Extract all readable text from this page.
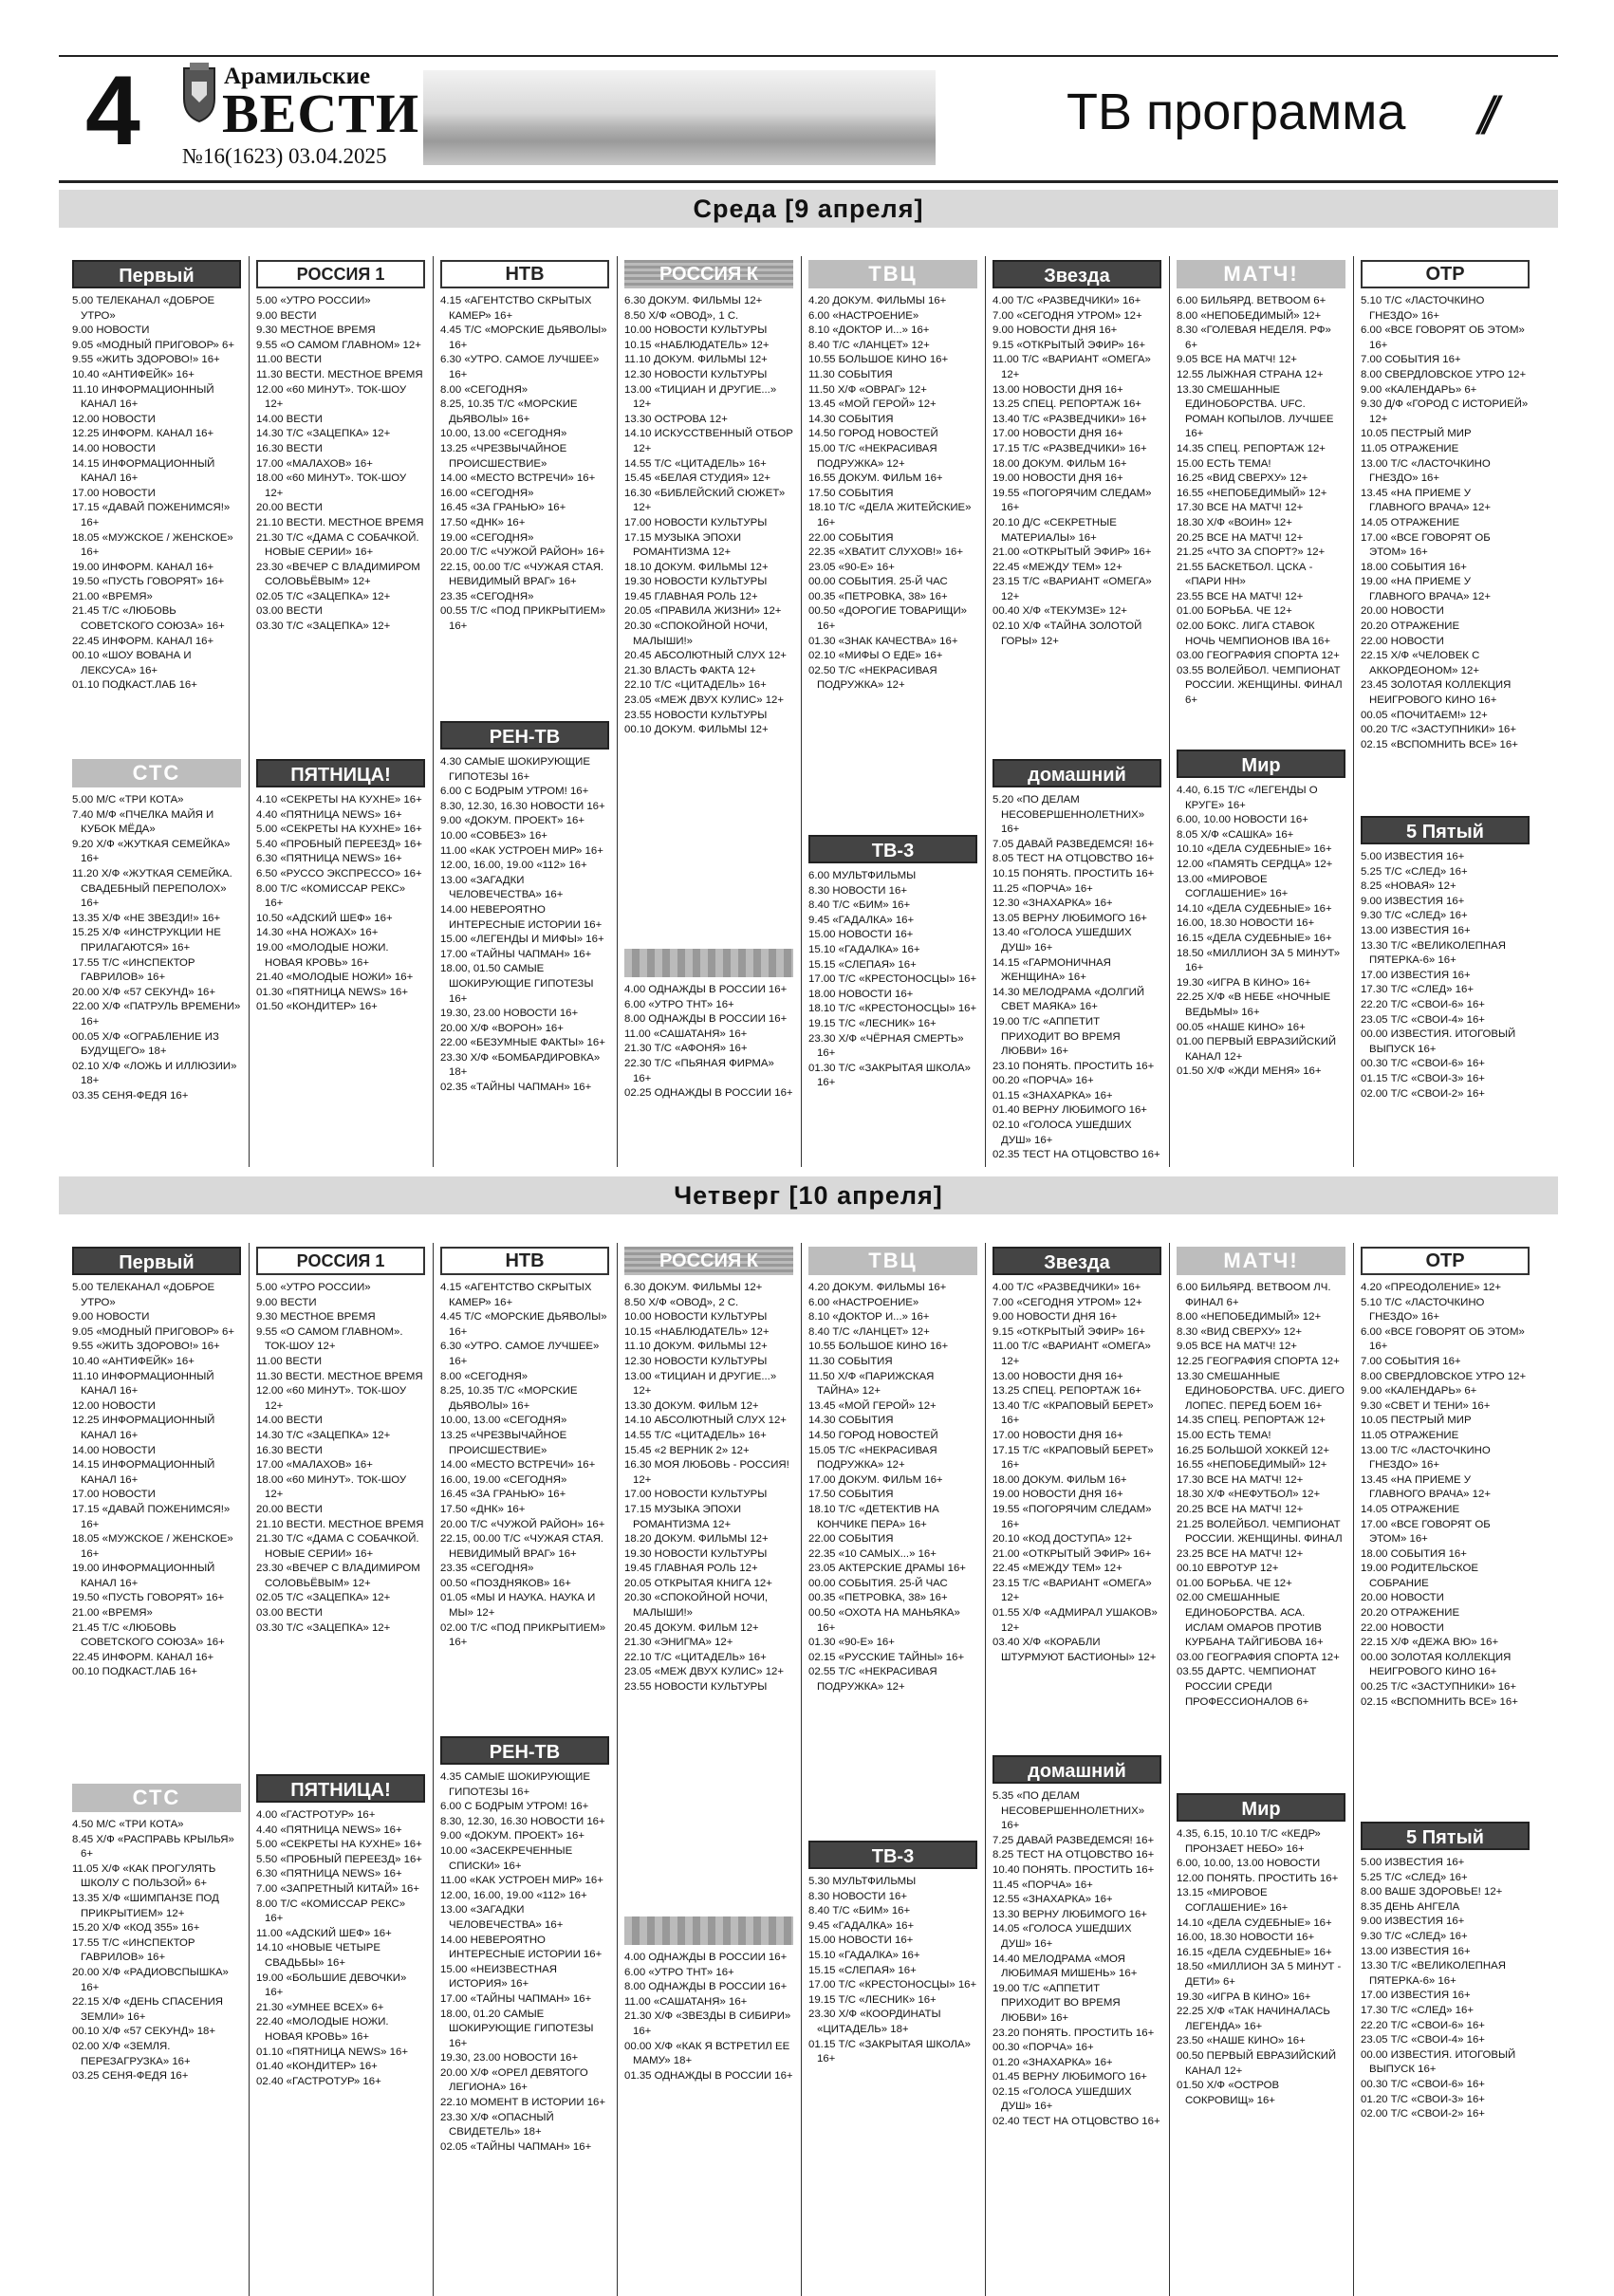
4	Арамильские
ВЕСТИ
№16(1623) 03.04.2025
ТВ программа //
Среда [9 апреля]
Первый

5.00 ТЕЛЕКАНАЛ «ДОБРОЕ УТРО»

9.00 НОВОСТИ

9.05 «МОДНЫЙ ПРИГОВОР» 6+

9.55 «ЖИТЬ ЗДОРОВО!» 16+

10.40 «АНТИФЕЙК» 16+

11.10 ИНФОРМАЦИОННЫЙ КАНАЛ 16+

12.00 НОВОСТИ

12.25 ИНФОРМ. КАНАЛ 16+

14.00 НОВОСТИ

14.15 ИНФОРМАЦИОННЫЙ КАНАЛ 16+

17.00 НОВОСТИ

17.15 «ДАВАЙ ПОЖЕНИМСЯ!» 16+

18.05 «МУЖСКОЕ / ЖЕНСКОЕ» 16+

19.00 ИНФОРМ. КАНАЛ 16+

19.50 «ПУСТЬ ГОВОРЯТ» 16+

21.00 «ВРЕМЯ»

21.45 Т/С «ЛЮБОВЬ СОВЕТСКОГО СОЮЗА» 16+

22.45 ИНФОРМ. КАНАЛ 16+

00.10 «ШОУ ВОВАНА И ЛЕКСУСА» 16+

01.10 ПОДКАСТ.ЛАБ 16+

СТС

5.00 М/С «ТРИ КОТА»

7.40 М/Ф «ПЧЕЛКА МАЙЯ И КУБОК МЁДА»

9.20 Х/Ф «ЖУТКАЯ СЕМЕЙКА» 16+

11.20 Х/Ф «ЖУТКАЯ СЕМЕЙКА. СВАДЕБНЫЙ ПЕРЕПОЛОХ» 16+

13.35 Х/Ф «НЕ ЗВЕЗДИ!» 16+

15.25 Х/Ф «ИНСТРУКЦИИ НЕ ПРИЛАГАЮТСЯ» 16+

17.55 Т/С «ИНСПЕКТОР ГАВРИЛОВ» 16+

20.00 Х/Ф «57 СЕКУНД» 16+

22.00 Х/Ф «ПАТРУЛЬ ВРЕМЕНИ» 16+

00.05 Х/Ф «ОГРАБЛЕНИЕ ИЗ БУДУЩЕГО» 18+

02.10 Х/Ф «ЛОЖЬ И ИЛЛЮЗИИ» 18+

03.35 СЕНЯ-ФЕДЯ 16+

РОССИЯ 1

5.00 «УТРО РОССИИ»

9.00 ВЕСТИ

9.30 МЕСТНОЕ ВРЕМЯ

9.55 «О САМОМ ГЛАВНОМ» 12+

11.00 ВЕСТИ

11.30 ВЕСТИ. МЕСТНОЕ ВРЕМЯ

12.00 «60 МИНУТ». ТОК-ШОУ 12+

14.00 ВЕСТИ

14.30 Т/С «ЗАЦЕПКА» 12+

16.30 ВЕСТИ

17.00 «МАЛАХОВ» 16+

18.00 «60 МИНУТ». ТОК-ШОУ 12+

20.00 ВЕСТИ

21.10 ВЕСТИ. МЕСТНОЕ ВРЕМЯ

21.30 Т/С «ДАМА С СОБАЧКОЙ. НОВЫЕ СЕРИИ» 16+

23.30 «ВЕЧЕР С ВЛАДИМИРОМ СОЛОВЬЁВЫМ» 12+

02.05 Т/С «ЗАЦЕПКА» 12+

03.00 ВЕСТИ

03.30 Т/С «ЗАЦЕПКА» 12+

ПЯТНИЦА!

4.10 «СЕКРЕТЫ НА КУХНЕ» 16+

4.40 «ПЯТНИЦА NEWS» 16+

5.00 «СЕКРЕТЫ НА КУХНЕ» 16+

5.40 «ПРОБНЫЙ ПЕРЕЕЗД» 16+

6.30 «ПЯТНИЦА NEWS» 16+

6.50 «РУССО ЭКСПРЕССО» 16+

8.00 Т/С «КОМИССАР РЕКС» 16+

10.50 «АДСКИЙ ШЕФ» 16+

14.30 «НА НОЖАХ» 16+

19.00 «МОЛОДЫЕ НОЖИ. НОВАЯ КРОВЬ» 16+

21.40 «МОЛОДЫЕ НОЖИ» 16+

01.30 «ПЯТНИЦА NEWS» 16+

01.50 «КОНДИТЕР» 16+

НТВ

4.15 «АГЕНТСТВО СКРЫТЫХ КАМЕР» 16+

4.45 Т/С «МОРСКИЕ ДЬЯВОЛЫ» 16+

6.30 «УТРО. САМОЕ ЛУЧШЕЕ» 16+

8.00 «СЕГОДНЯ»

8.25, 10.35 Т/С «МОРСКИЕ ДЬЯВОЛЫ» 16+

10.00, 13.00 «СЕГОДНЯ»

13.25 «ЧРЕЗВЫЧАЙНОЕ ПРОИСШЕСТВИЕ»

14.00 «МЕСТО ВСТРЕЧИ» 16+

16.00 «СЕГОДНЯ»

16.45 «ЗА ГРАНЬЮ» 16+

17.50 «ДНК» 16+

19.00 «СЕГОДНЯ»

20.00 Т/С «ЧУЖОЙ РАЙОН» 16+

22.15, 00.00 Т/С «ЧУЖАЯ СТАЯ. НЕВИДИМЫЙ ВРАГ» 16+

23.35 «СЕГОДНЯ»

00.55 Т/С «ПОД ПРИКРЫТИЕМ» 16+

РЕН-ТВ

4.30 САМЫЕ ШОКИРУЮЩИЕ ГИПОТЕЗЫ 16+

6.00 С БОДРЫМ УТРОМ! 16+

8.30, 12.30, 16.30 НОВОСТИ 16+

9.00 «ДОКУМ. ПРОЕКТ» 16+

10.00 «СОВБЕЗ» 16+

11.00 «КАК УСТРОЕН МИР» 16+

12.00, 16.00, 19.00 «112» 16+

13.00 «ЗАГАДКИ ЧЕЛОВЕЧЕСТВА» 16+

14.00 НЕВЕРОЯТНО ИНТЕРЕСНЫЕ ИСТОРИИ 16+

15.00 «ЛЕГЕНДЫ И МИФЫ» 16+

17.00 «ТАЙНЫ ЧАПМАН» 16+

18.00, 01.50 САМЫЕ ШОКИРУЮЩИЕ ГИПОТЕЗЫ 16+

19.30, 23.00 НОВОСТИ 16+

20.00 Х/Ф «ВОРОН» 16+

22.00 «БЕЗУМНЫЕ ФАКТЫ» 16+

23.30 Х/Ф «БОМБАРДИРОВКА» 18+

02.35 «ТАЙНЫ ЧАПМАН» 16+

РОССИЯ К

6.30 ДОКУМ. ФИЛЬМЫ 12+

8.50 Х/Ф «ОВОД», 1 С.

10.00 НОВОСТИ КУЛЬТУРЫ

10.15 «НАБЛЮДАТЕЛЬ» 12+

11.10 ДОКУМ. ФИЛЬМЫ 12+

12.30 НОВОСТИ КУЛЬТУРЫ

13.00 «ТИЦИАН И ДРУГИЕ...» 12+

13.30 ОСТРОВА 12+

14.10 ИСКУССТВЕННЫЙ ОТБОР 12+

14.55 Т/С «ЦИТАДЕЛЬ» 16+

15.45 «БЕЛАЯ СТУДИЯ» 12+

16.30 «БИБЛЕЙСКИЙ СЮЖЕТ» 12+

17.00 НОВОСТИ КУЛЬТУРЫ

17.15 МУЗЫКА ЭПОХИ РОМАНТИЗМА 12+

18.10 ДОКУМ. ФИЛЬМЫ 12+

19.30 НОВОСТИ КУЛЬТУРЫ

19.45 ГЛАВНАЯ РОЛЬ 12+

20.05 «ПРАВИЛА ЖИЗНИ» 12+

20.30 «СПОКОЙНОЙ НОЧИ, МАЛЫШИ!»

20.45 АБСОЛЮТНЫЙ СЛУХ 12+

21.30 ВЛАСТЬ ФАКТА 12+

22.10 Т/С «ЦИТАДЕЛЬ» 16+

23.05 «МЕЖ ДВУХ КУЛИС» 12+

23.55 НОВОСТИ КУЛЬТУРЫ

00.10 ДОКУМ. ФИЛЬМЫ 12+

4.00 ОДНАЖДЫ В РОССИИ 16+

6.00 «УТРО ТНТ» 16+

8.00 ОДНАЖДЫ В РОССИИ 16+

11.00 «САШАТАНЯ» 16+

21.30 Т/С «АФОНЯ» 16+

22.30 Т/С «ПЬЯНАЯ ФИРМА» 16+

02.25 ОДНАЖДЫ В РОССИИ 16+

ТВЦ

4.20 ДОКУМ. ФИЛЬМЫ 16+

6.00 «НАСТРОЕНИЕ»

8.10 «ДОКТОР И...» 16+

8.40 Т/С «ЛАНЦЕТ» 12+

10.55 БОЛЬШОЕ КИНО 16+

11.30 СОБЫТИЯ

11.50 Х/Ф «ОВРАГ» 12+

13.45 «МОЙ ГЕРОЙ» 12+

14.30 СОБЫТИЯ

14.50 ГОРОД НОВОСТЕЙ

15.00 Т/С «НЕКРАСИВАЯ ПОДРУЖКА» 12+

16.55 ДОКУМ. ФИЛЬМ 16+

17.50 СОБЫТИЯ

18.10 Т/С «ДЕЛА ЖИТЕЙСКИЕ» 16+

22.00 СОБЫТИЯ

22.35 «ХВАТИТ СЛУХОВ!» 16+

23.05 «90-Е» 16+

00.00 СОБЫТИЯ. 25-Й ЧАС

00.35 «ПЕТРОВКА, 38» 16+

00.50 «ДОРОГИЕ ТОВАРИЩИ» 16+

01.30 «ЗНАК КАЧЕСТВА» 16+

02.10 «МИФЫ О ЕДЕ» 16+

02.50 Т/С «НЕКРАСИВАЯ ПОДРУЖКА» 12+

ТВ-3

6.00 МУЛЬТФИЛЬМЫ

8.30 НОВОСТИ 16+

8.40 Т/С «БИМ» 16+

9.45 «ГАДАЛКА» 16+

15.00 НОВОСТИ 16+

15.10 «ГАДАЛКА» 16+

15.15 «СЛЕПАЯ» 16+

17.00 Т/С «КРЕСТОНОСЦЫ» 16+

18.00 НОВОСТИ 16+

18.10 Т/С «КРЕСТОНОСЦЫ» 16+

19.15 Т/С «ЛЕСНИК» 16+

23.30 Х/Ф «ЧЁРНАЯ СМЕРТЬ» 16+

01.30 Т/С «ЗАКРЫТАЯ ШКОЛА» 16+

Звезда

4.00 Т/С «РАЗВЕДЧИКИ» 16+

7.00 «СЕГОДНЯ УТРОМ» 12+

9.00 НОВОСТИ ДНЯ 16+

9.15 «ОТКРЫТЫЙ ЭФИР» 16+

11.00 Т/С «ВАРИАНТ «ОМЕГА» 12+

13.00 НОВОСТИ ДНЯ 16+

13.25 СПЕЦ. РЕПОРТАЖ 16+

13.40 Т/С «РАЗВЕДЧИКИ» 16+

17.00 НОВОСТИ ДНЯ 16+

17.15 Т/С «РАЗВЕДЧИКИ» 16+

18.00 ДОКУМ. ФИЛЬМ 16+

19.00 НОВОСТИ ДНЯ 16+

19.55 «ПОГОРЯЧИМ СЛЕДАМ» 16+

20.10 Д/С «СЕКРЕТНЫЕ МАТЕРИАЛЫ» 16+

21.00 «ОТКРЫТЫЙ ЭФИР» 16+

22.45 «МЕЖДУ ТЕМ» 12+

23.15 Т/С «ВАРИАНТ «ОМЕГА» 12+

00.40 Х/Ф «ТЕКУМЗЕ» 12+

02.10 Х/Ф «ТАЙНА ЗОЛОТОЙ ГОРЫ» 12+

домашний

5.20 «ПО ДЕЛАМ НЕСОВЕРШЕННОЛЕТНИХ» 16+

7.05 ДАВАЙ РАЗВЕДЕМСЯ! 16+

8.05 ТЕСТ НА ОТЦОВСТВО 16+

10.15 ПОНЯТЬ. ПРОСТИТЬ 16+

11.25 «ПОРЧА» 16+

12.30 «ЗНАХАРКА» 16+

13.05 ВЕРНУ ЛЮБИМОГО 16+

13.40 «ГОЛОСА УШЕДШИХ ДУШ» 16+

14.15 «ГАРМОНИЧНАЯ ЖЕНЩИНА» 16+

14.30 МЕЛОДРАМА «ДОЛГИЙ СВЕТ МАЯКА» 16+

19.00 Т/С «АППЕТИТ ПРИХОДИТ ВО ВРЕМЯ ЛЮБВИ» 16+

23.10 ПОНЯТЬ. ПРОСТИТЬ 16+

00.20 «ПОРЧА» 16+

01.15 «ЗНАХАРКА» 16+

01.40 ВЕРНУ ЛЮБИМОГО 16+

02.10 «ГОЛОСА УШЕДШИХ ДУШ» 16+

02.35 ТЕСТ НА ОТЦОВСТВО 16+

МАТЧ!

6.00 БИЛЬЯРД. ВЕТВООМ 6+

8.00 «НЕПОБЕДИМЫЙ» 12+

8.30 «ГОЛЕВАЯ НЕДЕЛЯ. РФ» 6+

9.05 ВСЕ НА МАТЧ! 12+

12.55 ЛЫЖНАЯ СТРАНА 12+

13.30 СМЕШАННЫЕ ЕДИНОБОРСТВА. UFC. РОМАН КОПЫЛОВ. ЛУЧШЕЕ 16+

14.35 СПЕЦ. РЕПОРТАЖ 12+

15.00 ЕСТЬ ТЕМА!

16.25 «ВИД СВЕРХУ» 12+

16.55 «НЕПОБЕДИМЫЙ» 12+

17.30 ВСЕ НА МАТЧ! 12+

18.30 Х/Ф «ВОИН» 12+

20.25 ВСЕ НА МАТЧ! 12+

21.25 «ЧТО ЗА СПОРТ?» 12+

21.55 БАСКЕТБОЛ. ЦСКА - «ПАРИ НН»

23.55 ВСЕ НА МАТЧ! 12+

01.00 БОРЬБА. ЧЕ 12+

02.00 БОКС. ЛИГА СТАВОК НОЧЬ ЧЕМПИОНОВ IBA 16+

03.00 ГЕОГРАФИЯ СПОРТА 12+

03.55 ВОЛЕЙБОЛ. ЧЕМПИОНАТ РОССИИ. ЖЕНЩИНЫ. ФИНАЛ 6+

Мир

4.40, 6.15 Т/С «ЛЕГЕНДЫ О КРУГЕ» 16+

6.00, 10.00 НОВОСТИ 16+

8.05 Х/Ф «САШКА» 16+

10.10 «ДЕЛА СУДЕБНЫЕ» 16+

12.00 «ПАМЯТЬ СЕРДЦА» 12+

13.00 «МИРОВОЕ СОГЛАШЕНИЕ» 16+

14.10 «ДЕЛА СУДЕБНЫЕ» 16+

16.00, 18.30 НОВОСТИ 16+

16.15 «ДЕЛА СУДЕБНЫЕ» 16+

18.50 «МИЛЛИОН ЗА 5 МИНУТ» 16+

19.30 «ИГРА В КИНО» 16+

22.25 Х/Ф «В НЕБЕ «НОЧНЫЕ ВЕДЬМЫ» 16+

00.05 «НАШЕ КИНО» 16+

01.00 ПЕРВЫЙ ЕВРАЗИЙСКИЙ КАНАЛ 12+

01.50 Х/Ф «ЖДИ МЕНЯ» 16+

ОТР

5.10 Т/С «ЛАСТОЧКИНО ГНЕЗДО» 16+

6.00 «ВСЕ ГОВОРЯТ ОБ ЭТОМ» 16+

7.00 СОБЫТИЯ 16+

8.00 СВЕРДЛОВСКОЕ УТРО 12+

9.00 «КАЛЕНДАРЬ» 6+

9.30 Д/Ф «ГОРОД С ИСТОРИЕЙ» 12+

10.05 ПЕСТРЫЙ МИР

11.05 ОТРАЖЕНИЕ

13.00 Т/С «ЛАСТОЧКИНО ГНЕЗДО» 16+

13.45 «НА ПРИЕМЕ У ГЛАВНОГО ВРАЧА» 12+

14.05 ОТРАЖЕНИЕ

17.00 «ВСЕ ГОВОРЯТ ОБ ЭТОМ» 16+

18.00 СОБЫТИЯ 16+

19.00 «НА ПРИЕМЕ У ГЛАВНОГО ВРАЧА» 12+

20.00 НОВОСТИ

20.20 ОТРАЖЕНИЕ

22.00 НОВОСТИ

22.15 Х/Ф «ЧЕЛОВЕК С АККОРДЕОНОМ» 12+

23.45 ЗОЛОТАЯ КОЛЛЕКЦИЯ НЕИГРОВОГО КИНО 16+

00.05 «ПОЧИТАЕМ!» 12+

00.20 Т/С «ЗАСТУПНИКИ» 16+

02.15 «ВСПОМНИТЬ ВСЕ» 16+

5 Пятый

5.00 ИЗВЕСТИЯ 16+

5.25 Т/С «СЛЕД» 16+

8.25 «НОВАЯ» 12+

9.00 ИЗВЕСТИЯ 16+

9.30 Т/С «СЛЕД» 16+

13.00 ИЗВЕСТИЯ 16+

13.30 Т/С «ВЕЛИКОЛЕПНАЯ ПЯТЕРКА-6» 16+

17.00 ИЗВЕСТИЯ 16+

17.30 Т/С «СЛЕД» 16+

22.20 Т/С «СВОИ-6» 16+

23.05 Т/С «СВОИ-4» 16+

00.00 ИЗВЕСТИЯ. ИТОГОВЫЙ ВЫПУСК 16+

00.30 Т/С «СВОИ-6» 16+

01.15 Т/С «СВОИ-3» 16+

02.00 Т/С «СВОИ-2» 16+

Четверг [10 апреля]
Первый

5.00 ТЕЛЕКАНАЛ «ДОБРОЕ УТРО»

9.00 НОВОСТИ

9.05 «МОДНЫЙ ПРИГОВОР» 6+

9.55 «ЖИТЬ ЗДОРОВО!» 16+

10.40 «АНТИФЕЙК» 16+

11.10 ИНФОРМАЦИОННЫЙ КАНАЛ 16+

12.00 НОВОСТИ

12.25 ИНФОРМАЦИОННЫЙ КАНАЛ 16+

14.00 НОВОСТИ

14.15 ИНФОРМАЦИОННЫЙ КАНАЛ 16+

17.00 НОВОСТИ

17.15 «ДАВАЙ ПОЖЕНИМСЯ!» 16+

18.05 «МУЖСКОЕ / ЖЕНСКОЕ» 16+

19.00 ИНФОРМАЦИОННЫЙ КАНАЛ 16+

19.50 «ПУСТЬ ГОВОРЯТ» 16+

21.00 «ВРЕМЯ»

21.45 Т/С «ЛЮБОВЬ СОВЕТСКОГО СОЮЗА» 16+

22.45 ИНФОРМ. КАНАЛ 16+

00.10 ПОДКАСТ.ЛАБ 16+

СТС

4.50 М/С «ТРИ КОТА»

8.45 Х/Ф «РАСПРАВЬ КРЫЛЬЯ» 6+

11.05 Х/Ф «КАК ПРОГУЛЯТЬ ШКОЛУ С ПОЛЬЗОЙ» 6+

13.35 Х/Ф «ШИМПАНЗЕ ПОД ПРИКРЫТИЕМ» 12+

15.20 Х/Ф «КОД 355» 16+

17.55 Т/С «ИНСПЕКТОР ГАВРИЛОВ» 16+

20.00 Х/Ф «РАДИОВСПЫШКА» 16+

22.15 Х/Ф «ДЕНЬ СПАСЕНИЯ ЗЕМЛИ» 16+

00.10 Х/Ф «57 СЕКУНД» 18+

02.00 Х/Ф «ЗЕМЛЯ. ПЕРЕЗАГРУЗКА» 16+

03.25 СЕНЯ-ФЕДЯ 16+

РОССИЯ 1

5.00 «УТРО РОССИИ»

9.00 ВЕСТИ

9.30 МЕСТНОЕ ВРЕМЯ

9.55 «О САМОМ ГЛАВНОМ». ТОК-ШОУ 12+

11.00 ВЕСТИ

11.30 ВЕСТИ. МЕСТНОЕ ВРЕМЯ

12.00 «60 МИНУТ». ТОК-ШОУ 12+

14.00 ВЕСТИ

14.30 Т/С «ЗАЦЕПКА» 12+

16.30 ВЕСТИ

17.00 «МАЛАХОВ» 16+

18.00 «60 МИНУТ». ТОК-ШОУ 12+

20.00 ВЕСТИ

21.10 ВЕСТИ. МЕСТНОЕ ВРЕМЯ

21.30 Т/С «ДАМА С СОБАЧКОЙ. НОВЫЕ СЕРИИ» 16+

23.30 «ВЕЧЕР С ВЛАДИМИРОМ СОЛОВЬЁВЫМ» 12+

02.05 Т/С «ЗАЦЕПКА» 12+

03.00 ВЕСТИ

03.30 Т/С «ЗАЦЕПКА» 12+

ПЯТНИЦА!

4.00 «ГАСТРОТУР» 16+

4.40 «ПЯТНИЦА NEWS» 16+

5.00 «СЕКРЕТЫ НА КУХНЕ» 16+

5.50 «ПРОБНЫЙ ПЕРЕЕЗД» 16+

6.30 «ПЯТНИЦА NEWS» 16+

7.00 «ЗАПРЕТНЫЙ КИТАЙ» 16+

8.00 Т/С «КОМИССАР РЕКС» 16+

11.00 «АДСКИЙ ШЕФ» 16+

14.10 «НОВЫЕ ЧЕТЫРЕ СВАДЬБЫ» 16+

19.00 «БОЛЬШИЕ ДЕВОЧКИ» 16+

21.30 «УМНЕЕ ВСЕХ» 6+

22.40 «МОЛОДЫЕ НОЖИ. НОВАЯ КРОВЬ» 16+

01.10 «ПЯТНИЦА NEWS» 16+

01.40 «КОНДИТЕР» 16+

02.40 «ГАСТРОТУР» 16+

НТВ

4.15 «АГЕНТСТВО СКРЫТЫХ КАМЕР» 16+

4.45 Т/С «МОРСКИЕ ДЬЯВОЛЫ» 16+

6.30 «УТРО. САМОЕ ЛУЧШЕЕ» 16+

8.00 «СЕГОДНЯ»

8.25, 10.35 Т/С «МОРСКИЕ ДЬЯВОЛЫ» 16+

10.00, 13.00 «СЕГОДНЯ»

13.25 «ЧРЕЗВЫЧАЙНОЕ ПРОИСШЕСТВИЕ»

14.00 «МЕСТО ВСТРЕЧИ» 16+

16.00, 19.00 «СЕГОДНЯ»

16.45 «ЗА ГРАНЬЮ» 16+

17.50 «ДНК» 16+

20.00 Т/С «ЧУЖОЙ РАЙОН» 16+

22.15, 00.00 Т/С «ЧУЖАЯ СТАЯ. НЕВИДИМЫЙ ВРАГ» 16+

23.35 «СЕГОДНЯ»

00.50 «ПОЗДНЯКОВ» 16+

01.05 «МЫ И НАУКА. НАУКА И МЫ» 12+

02.00 Т/С «ПОД ПРИКРЫТИЕМ» 16+

РЕН-ТВ

4.35 САМЫЕ ШОКИРУЮЩИЕ ГИПОТЕЗЫ 16+

6.00 С БОДРЫМ УТРОМ! 16+

8.30, 12.30, 16.30 НОВОСТИ 16+

9.00 «ДОКУМ. ПРОЕКТ» 16+

10.00 «ЗАСЕКРЕЧЕННЫЕ СПИСКИ» 16+

11.00 «КАК УСТРОЕН МИР» 16+

12.00, 16.00, 19.00 «112» 16+

13.00 «ЗАГАДКИ ЧЕЛОВЕЧЕСТВА» 16+

14.00 НЕВЕРОЯТНО ИНТЕРЕСНЫЕ ИСТОРИИ 16+

15.00 «НЕИЗВЕСТНАЯ ИСТОРИЯ» 16+

17.00 «ТАЙНЫ ЧАПМАН» 16+

18.00, 01.20 САМЫЕ ШОКИРУЮЩИЕ ГИПОТЕЗЫ 16+

19.30, 23.00 НОВОСТИ 16+

20.00 Х/Ф «ОРЕЛ ДЕВЯТОГО ЛЕГИОНА» 16+

22.10 МОМЕНТ В ИСТОРИИ 16+

23.30 Х/Ф «ОПАСНЫЙ СВИДЕТЕЛЬ» 18+

02.05 «ТАЙНЫ ЧАПМАН» 16+

РОССИЯ К

6.30 ДОКУМ. ФИЛЬМЫ 12+

8.50 Х/Ф «ОВОД», 2 С.

10.00 НОВОСТИ КУЛЬТУРЫ

10.15 «НАБЛЮДАТЕЛЬ» 12+

11.10 ДОКУМ. ФИЛЬМЫ 12+

12.30 НОВОСТИ КУЛЬТУРЫ

13.00 «ТИЦИАН И ДРУГИЕ...» 12+

13.30 ДОКУМ. ФИЛЬМ 12+

14.10 АБСОЛЮТНЫЙ СЛУХ 12+

14.55 Т/С «ЦИТАДЕЛЬ» 16+

15.45 «2 ВЕРНИК 2» 12+

16.30 МОЯ ЛЮБОВЬ - РОССИЯ! 12+

17.00 НОВОСТИ КУЛЬТУРЫ

17.15 МУЗЫКА ЭПОХИ РОМАНТИЗМА 12+

18.20 ДОКУМ. ФИЛЬМЫ 12+

19.30 НОВОСТИ КУЛЬТУРЫ

19.45 ГЛАВНАЯ РОЛЬ 12+

20.05 ОТКРЫТАЯ КНИГА 12+

20.30 «СПОКОЙНОЙ НОЧИ, МАЛЫШИ!»

20.45 ДОКУМ. ФИЛЬМ 12+

21.30 «ЭНИГМА» 12+

22.10 Т/С «ЦИТАДЕЛЬ» 16+

23.05 «МЕЖ ДВУХ КУЛИС» 12+

23.55 НОВОСТИ КУЛЬТУРЫ

4.00 ОДНАЖДЫ В РОССИИ 16+

6.00 «УТРО ТНТ» 16+

8.00 ОДНАЖДЫ В РОССИИ 16+

11.00 «САШАТАНЯ» 16+

21.30 Х/Ф «ЗВЕЗДЫ В СИБИРИ» 16+

00.00 Х/Ф «КАК Я ВСТРЕТИЛ ЕЕ МАМУ» 18+

01.35 ОДНАЖДЫ В РОССИИ 16+

ТВЦ

4.20 ДОКУМ. ФИЛЬМЫ 16+

6.00 «НАСТРОЕНИЕ»

8.10 «ДОКТОР И...» 16+

8.40 Т/С «ЛАНЦЕТ» 12+

10.55 БОЛЬШОЕ КИНО 16+

11.30 СОБЫТИЯ

11.50 Х/Ф «ПАРИЖСКАЯ ТАЙНА» 12+

13.45 «МОЙ ГЕРОЙ» 12+

14.30 СОБЫТИЯ

14.50 ГОРОД НОВОСТЕЙ

15.05 Т/С «НЕКРАСИВАЯ ПОДРУЖКА» 12+

17.00 ДОКУМ. ФИЛЬМ 16+

17.50 СОБЫТИЯ

18.10 Т/С «ДЕТЕКТИВ НА КОНЧИКЕ ПЕРА» 16+

22.00 СОБЫТИЯ

22.35 «10 САМЫХ...» 16+

23.05 АКТЕРСКИЕ ДРАМЫ 16+

00.00 СОБЫТИЯ. 25-Й ЧАС

00.35 «ПЕТРОВКА, 38» 16+

00.50 «ОХОТА НА МАНЬЯКА» 16+

01.30 «90-Е» 16+

02.15 «РУССКИЕ ТАЙНЫ» 16+

02.55 Т/С «НЕКРАСИВАЯ ПОДРУЖКА» 12+

ТВ-3

5.30 МУЛЬТФИЛЬМЫ

8.30 НОВОСТИ 16+

8.40 Т/С «БИМ» 16+

9.45 «ГАДАЛКА» 16+

15.00 НОВОСТИ 16+

15.10 «ГАДАЛКА» 16+

15.15 «СЛЕПАЯ» 16+

17.00 Т/С «КРЕСТОНОСЦЫ» 16+

19.15 Т/С «ЛЕСНИК» 16+

23.30 Х/Ф «КООРДИНАТЫ «ЦИТАДЕЛЬ» 18+

01.15 Т/С «ЗАКРЫТАЯ ШКОЛА» 16+

Звезда

4.00 Т/С «РАЗВЕДЧИКИ» 16+

7.00 «СЕГОДНЯ УТРОМ» 12+

9.00 НОВОСТИ ДНЯ 16+

9.15 «ОТКРЫТЫЙ ЭФИР» 16+

11.00 Т/С «ВАРИАНТ «ОМЕГА» 12+

13.00 НОВОСТИ ДНЯ 16+

13.25 СПЕЦ. РЕПОРТАЖ 16+

13.40 Т/С «КРАПОВЫЙ БЕРЕТ» 16+

17.00 НОВОСТИ ДНЯ 16+

17.15 Т/С «КРАПОВЫЙ БЕРЕТ» 16+

18.00 ДОКУМ. ФИЛЬМ 16+

19.00 НОВОСТИ ДНЯ 16+

19.55 «ПОГОРЯЧИМ СЛЕДАМ» 16+

20.10 «КОД ДОСТУПА» 12+

21.00 «ОТКРЫТЫЙ ЭФИР» 16+

22.45 «МЕЖДУ ТЕМ» 12+

23.15 Т/С «ВАРИАНТ «ОМЕГА» 12+

01.55 Х/Ф «АДМИРАЛ УШАКОВ» 12+

03.40 Х/Ф «КОРАБЛИ ШТУРМУЮТ БАСТИОНЫ» 12+

домашний

5.35 «ПО ДЕЛАМ НЕСОВЕРШЕННОЛЕТНИХ» 16+

7.25 ДАВАЙ РАЗВЕДЕМСЯ! 16+

8.25 ТЕСТ НА ОТЦОВСТВО 16+

10.40 ПОНЯТЬ. ПРОСТИТЬ 16+

11.45 «ПОРЧА» 16+

12.55 «ЗНАХАРКА» 16+

13.30 ВЕРНУ ЛЮБИМОГО 16+

14.05 «ГОЛОСА УШЕДШИХ ДУШ» 16+

14.40 МЕЛОДРАМА «МОЯ ЛЮБИМАЯ МИШЕНЬ» 16+

19.00 Т/С «АППЕТИТ ПРИХОДИТ ВО ВРЕМЯ ЛЮБВИ» 16+

23.20 ПОНЯТЬ. ПРОСТИТЬ 16+

00.30 «ПОРЧА» 16+

01.20 «ЗНАХАРКА» 16+

01.45 ВЕРНУ ЛЮБИМОГО 16+

02.15 «ГОЛОСА УШЕДШИХ ДУШ» 16+

02.40 ТЕСТ НА ОТЦОВСТВО 16+

МАТЧ!

6.00 БИЛЬЯРД. ВЕТВООМ ЛЧ. ФИНАЛ 6+

8.00 «НЕПОБЕДИМЫЙ» 12+

8.30 «ВИД СВЕРХУ» 12+

9.05 ВСЕ НА МАТЧ! 12+

12.25 ГЕОГРАФИЯ СПОРТА 12+

13.30 СМЕШАННЫЕ ЕДИНОБОРСТВА. UFC. ДИЕГО ЛОПЕС. ПЕРЕД БОЕМ 16+

14.35 СПЕЦ. РЕПОРТАЖ 12+

15.00 ЕСТЬ ТЕМА!

16.25 БОЛЬШОЙ ХОККЕЙ 12+

16.55 «НЕПОБЕДИМЫЙ» 12+

17.30 ВСЕ НА МАТЧ! 12+

18.30 Х/Ф «НЕФУТБОЛ» 12+

20.25 ВСЕ НА МАТЧ! 12+

21.25 ВОЛЕЙБОЛ. ЧЕМПИОНАТ РОССИИ. ЖЕНЩИНЫ. ФИНАЛ

23.25 ВСЕ НА МАТЧ! 12+

00.10 ЕВРОТУР 12+

01.00 БОРЬБА. ЧЕ 12+

02.00 СМЕШАННЫЕ ЕДИНОБОРСТВА. АСА. ИСЛАМ ОМАРОВ ПРОТИВ КУРБАНА ТАЙГИБОВА 16+

03.00 ГЕОГРАФИЯ СПОРТА 12+

03.55 ДАРТС. ЧЕМПИОНАТ РОССИИ СРЕДИ ПРОФЕССИОНАЛОВ 6+

Мир

4.35, 6.15, 10.10 Т/С «КЕДР» ПРОНЗАЕТ НЕБО» 16+

6.00, 10.00, 13.00 НОВОСТИ

12.00 ПОНЯТЬ. ПРОСТИТЬ 16+

13.15 «МИРОВОЕ СОГЛАШЕНИЕ» 16+

14.10 «ДЕЛА СУДЕБНЫЕ» 16+

16.00, 18.30 НОВОСТИ 16+

16.15 «ДЕЛА СУДЕБНЫЕ» 16+

18.50 «МИЛЛИОН ЗА 5 МИНУТ - ДЕТИ» 6+

19.30 «ИГРА В КИНО» 16+

22.25 Х/Ф «ТАК НАЧИНАЛАСЬ ЛЕГЕНДА» 16+

23.50 «НАШЕ КИНО» 16+

00.50 ПЕРВЫЙ ЕВРАЗИЙСКИЙ КАНАЛ 12+

01.50 Х/Ф «ОСТРОВ СОКРОВИЩ» 16+

ОТР

4.20 «ПРЕОДОЛЕНИЕ» 12+

5.10 Т/С «ЛАСТОЧКИНО ГНЕЗДО» 16+

6.00 «ВСЕ ГОВОРЯТ ОБ ЭТОМ» 16+

7.00 СОБЫТИЯ 16+

8.00 СВЕРДЛОВСКОЕ УТРО 12+

9.00 «КАЛЕНДАРЬ» 6+

9.30 «СВЕТ И ТЕНИ» 16+

10.05 ПЕСТРЫЙ МИР

11.05 ОТРАЖЕНИЕ

13.00 Т/С «ЛАСТОЧКИНО ГНЕЗДО» 16+

13.45 «НА ПРИЕМЕ У ГЛАВНОГО ВРАЧА» 12+

14.05 ОТРАЖЕНИЕ

17.00 «ВСЕ ГОВОРЯТ ОБ ЭТОМ» 16+

18.00 СОБЫТИЯ 16+

19.00 РОДИТЕЛЬСКОЕ СОБРАНИЕ

20.00 НОВОСТИ

20.20 ОТРАЖЕНИЕ

22.00 НОВОСТИ

22.15 Х/Ф «ДЕЖА ВЮ» 16+

00.00 ЗОЛОТАЯ КОЛЛЕКЦИЯ НЕИГРОВОГО КИНО 16+

00.25 Т/С «ЗАСТУПНИКИ» 16+

02.15 «ВСПОМНИТЬ ВСЕ» 16+

5 Пятый

5.00 ИЗВЕСТИЯ 16+

5.25 Т/С «СЛЕД» 16+

8.00 ВАШЕ ЗДОРОВЬЕ! 12+

8.35 ДЕНЬ АНГЕЛА

9.00 ИЗВЕСТИЯ 16+

9.30 Т/С «СЛЕД» 16+

13.00 ИЗВЕСТИЯ 16+

13.30 Т/С «ВЕЛИКОЛЕПНАЯ ПЯТЕРКА-6» 16+

17.00 ИЗВЕСТИЯ 16+

17.30 Т/С «СЛЕД» 16+

22.20 Т/С «СВОИ-6» 16+

23.05 Т/С «СВОИ-4» 16+

00.00 ИЗВЕСТИЯ. ИТОГОВЫЙ ВЫПУСК 16+

00.30 Т/С «СВОИ-6» 16+

01.20 Т/С «СВОИ-3» 16+

02.00 Т/С «СВОИ-2» 16+
